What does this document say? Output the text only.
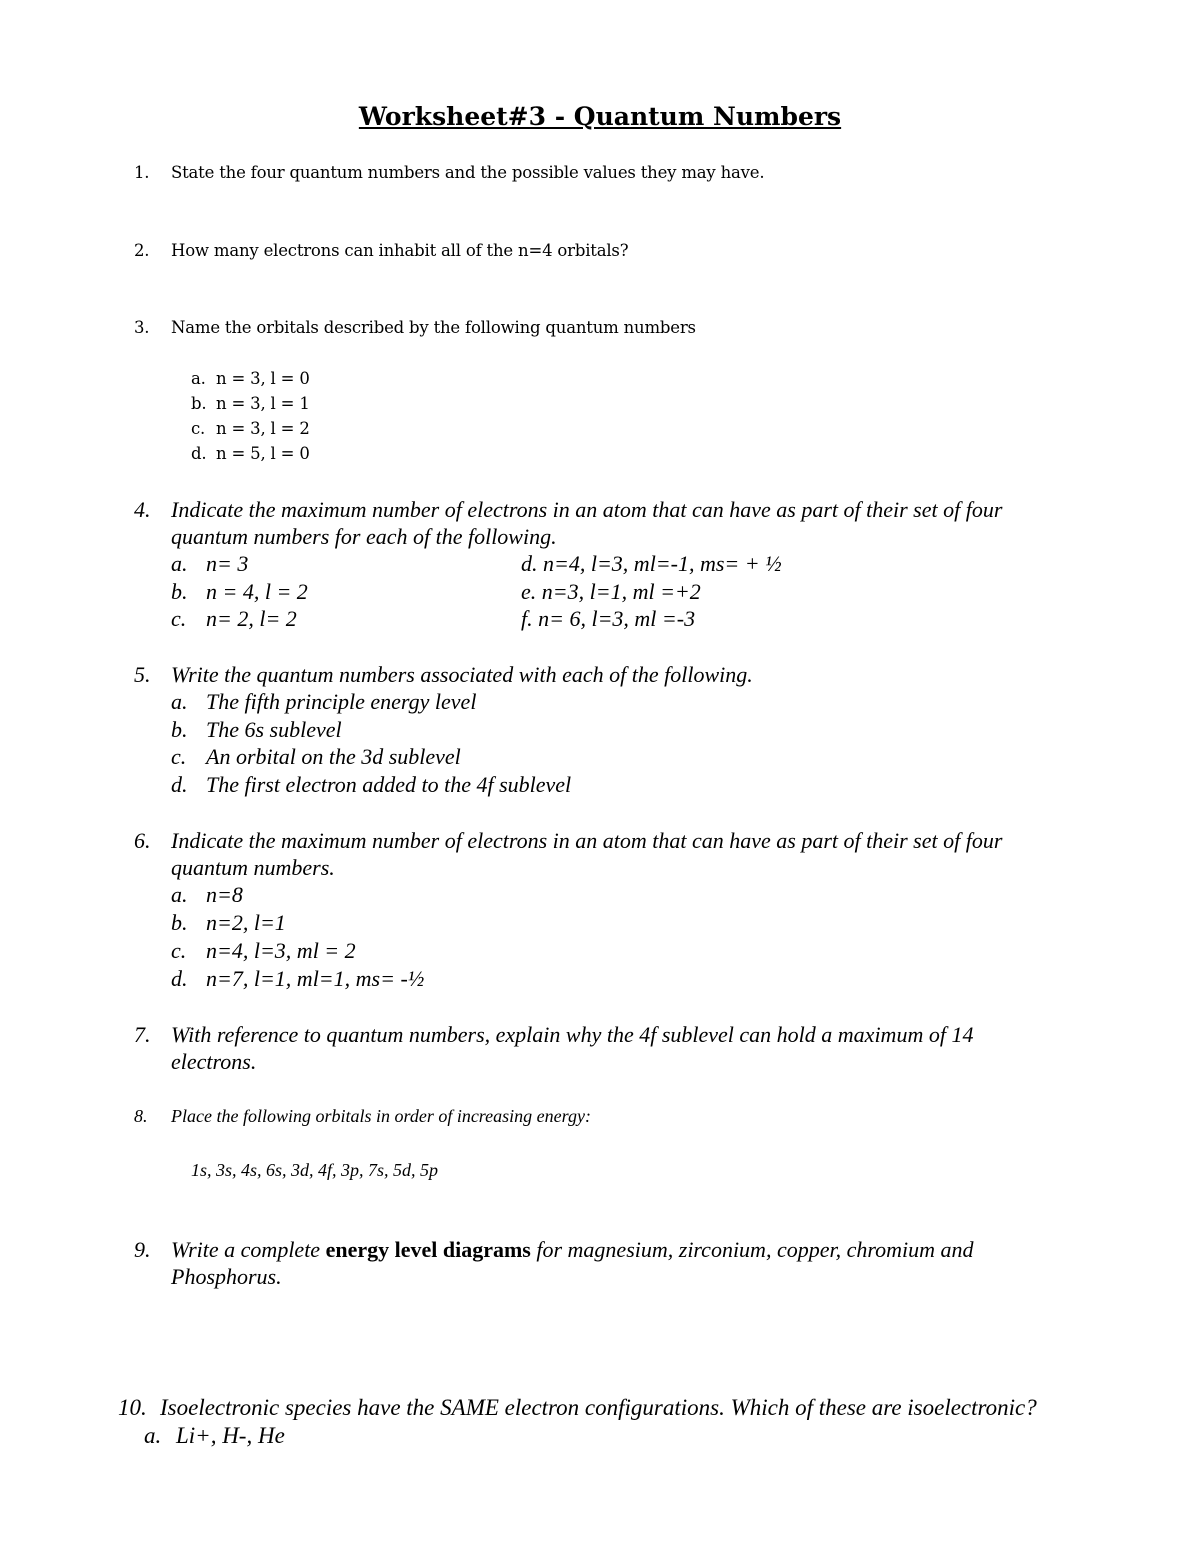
Worksheet#3 - Quantum Numbers
1. State the four quantum numbers and the possible values they may have.
2. How many electrons can inhabit all of the n=4 orbitals?
3. Name the orbitals described by the following quantum numbers
a. n = 3, l = 0
b. n = 3, l = 1
c. n = 3, l = 2
d. n = 5, l = 0
4. Indicate the maximum number of electrons in an atom that can have as part of their set of four
quantum numbers for each of the following.
a. n= 3
b. n = 4, l = 2
c. n= 2, l= 2
d. n=4, l=3, ml=-1, ms= + ½
e. n=3, l=1, ml =+2
f. n= 6, l=3, ml =-3
5. Write the quantum numbers associated with each of the following.
a. The fifth principle energy level
b. The 6s sublevel
c. An orbital on the 3d sublevel
d. The first electron added to the 4f sublevel
6. Indicate the maximum number of electrons in an atom that can have as part of their set of four
quantum numbers.
a. n=8
b. n=2, l=1
c. n=4, l=3, ml = 2
d. n=7, l=1, ml=1, ms= -½
7. With reference to quantum numbers, explain why the 4f sublevel can hold a maximum of 14
electrons.
8. Place the following orbitals in order of increasing energy:
1s, 3s, 4s, 6s, 3d, 4f, 3p, 7s, 5d, 5p
9. Write a complete energy level diagrams for magnesium, zirconium, copper, chromium and
Phosphorus.
10. Isoelectronic species have the SAME electron configurations. Which of these are isoelectronic?
a. Li+, H-, He
